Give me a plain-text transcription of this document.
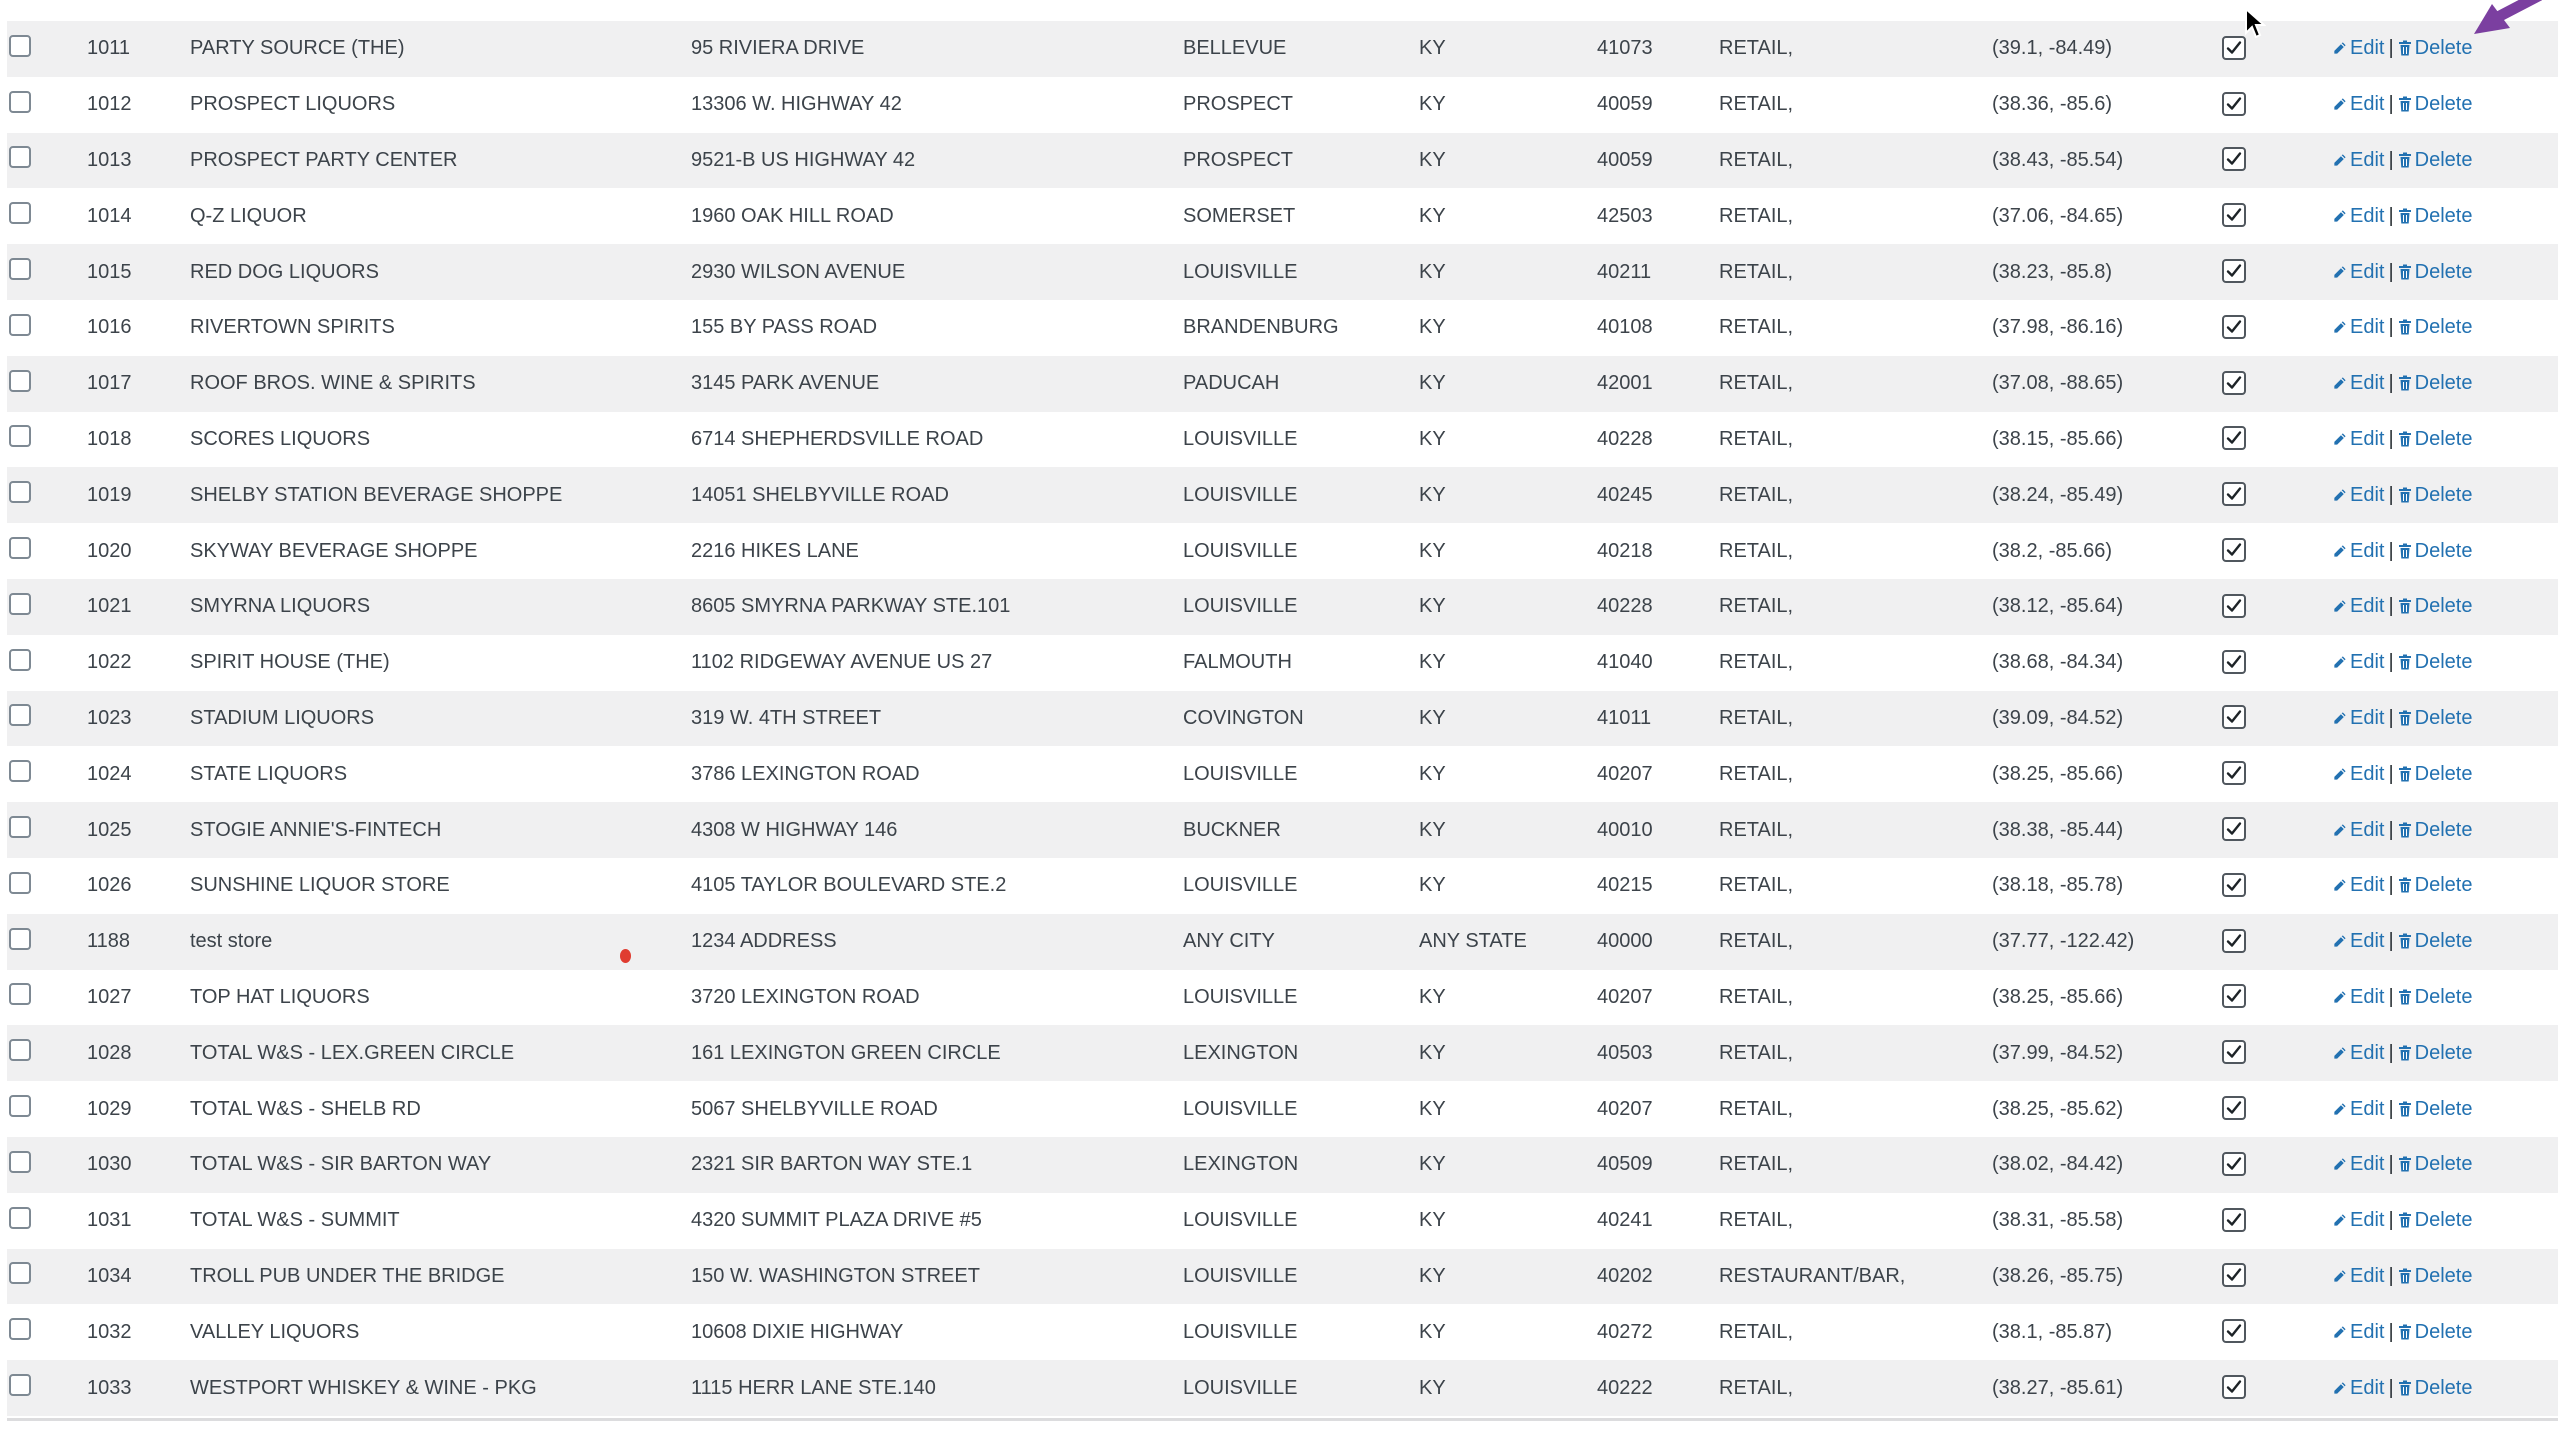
	1011	PARTY SOURCE (THE)	95 RIVIERA DRIVE	BELLEVUE	KY	41073	RETAIL,	(39.1, -84.49)		Edit | Delete
	1012	PROSPECT LIQUORS	13306 W. HIGHWAY 42	PROSPECT	KY	40059	RETAIL,	(38.36, -85.6)		Edit | Delete
	1013	PROSPECT PARTY CENTER	9521-B US HIGHWAY 42	PROSPECT	KY	40059	RETAIL,	(38.43, -85.54)		Edit | Delete
	1014	Q-Z LIQUOR	1960 OAK HILL ROAD	SOMERSET	KY	42503	RETAIL,	(37.06, -84.65)		Edit | Delete
	1015	RED DOG LIQUORS	2930 WILSON AVENUE	LOUISVILLE	KY	40211	RETAIL,	(38.23, -85.8)		Edit | Delete
	1016	RIVERTOWN SPIRITS	155 BY PASS ROAD	BRANDENBURG	KY	40108	RETAIL,	(37.98, -86.16)		Edit | Delete
	1017	ROOF BROS. WINE & SPIRITS	3145 PARK AVENUE	PADUCAH	KY	42001	RETAIL,	(37.08, -88.65)		Edit | Delete
	1018	SCORES LIQUORS	6714 SHEPHERDSVILLE ROAD	LOUISVILLE	KY	40228	RETAIL,	(38.15, -85.66)		Edit | Delete
	1019	SHELBY STATION BEVERAGE SHOPPE	14051 SHELBYVILLE ROAD	LOUISVILLE	KY	40245	RETAIL,	(38.24, -85.49)		Edit | Delete
	1020	SKYWAY BEVERAGE SHOPPE	2216 HIKES LANE	LOUISVILLE	KY	40218	RETAIL,	(38.2, -85.66)		Edit | Delete
	1021	SMYRNA LIQUORS	8605 SMYRNA PARKWAY STE.101	LOUISVILLE	KY	40228	RETAIL,	(38.12, -85.64)		Edit | Delete
	1022	SPIRIT HOUSE (THE)	1102 RIDGEWAY AVENUE US 27	FALMOUTH	KY	41040	RETAIL,	(38.68, -84.34)		Edit | Delete
	1023	STADIUM LIQUORS	319 W. 4TH STREET	COVINGTON	KY	41011	RETAIL,	(39.09, -84.52)		Edit | Delete
	1024	STATE LIQUORS	3786 LEXINGTON ROAD	LOUISVILLE	KY	40207	RETAIL,	(38.25, -85.66)		Edit | Delete
	1025	STOGIE ANNIE'S-FINTECH	4308 W HIGHWAY 146	BUCKNER	KY	40010	RETAIL,	(38.38, -85.44)		Edit | Delete
	1026	SUNSHINE LIQUOR STORE	4105 TAYLOR BOULEVARD STE.2	LOUISVILLE	KY	40215	RETAIL,	(38.18, -85.78)		Edit | Delete
	1188	test store	1234 ADDRESS	ANY CITY	ANY STATE	40000	RETAIL,	(37.77, -122.42)		Edit | Delete
	1027	TOP HAT LIQUORS	3720 LEXINGTON ROAD	LOUISVILLE	KY	40207	RETAIL,	(38.25, -85.66)		Edit | Delete
	1028	TOTAL W&S - LEX.GREEN CIRCLE	161 LEXINGTON GREEN CIRCLE	LEXINGTON	KY	40503	RETAIL,	(37.99, -84.52)		Edit | Delete
	1029	TOTAL W&S - SHELB RD	5067 SHELBYVILLE ROAD	LOUISVILLE	KY	40207	RETAIL,	(38.25, -85.62)		Edit | Delete
	1030	TOTAL W&S - SIR BARTON WAY	2321 SIR BARTON WAY STE.1	LEXINGTON	KY	40509	RETAIL,	(38.02, -84.42)		Edit | Delete
	1031	TOTAL W&S - SUMMIT	4320 SUMMIT PLAZA DRIVE #5	LOUISVILLE	KY	40241	RETAIL,	(38.31, -85.58)		Edit | Delete
	1034	TROLL PUB UNDER THE BRIDGE	150 W. WASHINGTON STREET	LOUISVILLE	KY	40202	RESTAURANT/BAR,	(38.26, -85.75)		Edit | Delete
	1032	VALLEY LIQUORS	10608 DIXIE HIGHWAY	LOUISVILLE	KY	40272	RETAIL,	(38.1, -85.87)		Edit | Delete
	1033	WESTPORT WHISKEY & WINE - PKG	1115 HERR LANE STE.140	LOUISVILLE	KY	40222	RETAIL,	(38.27, -85.61)		Edit | Delete
